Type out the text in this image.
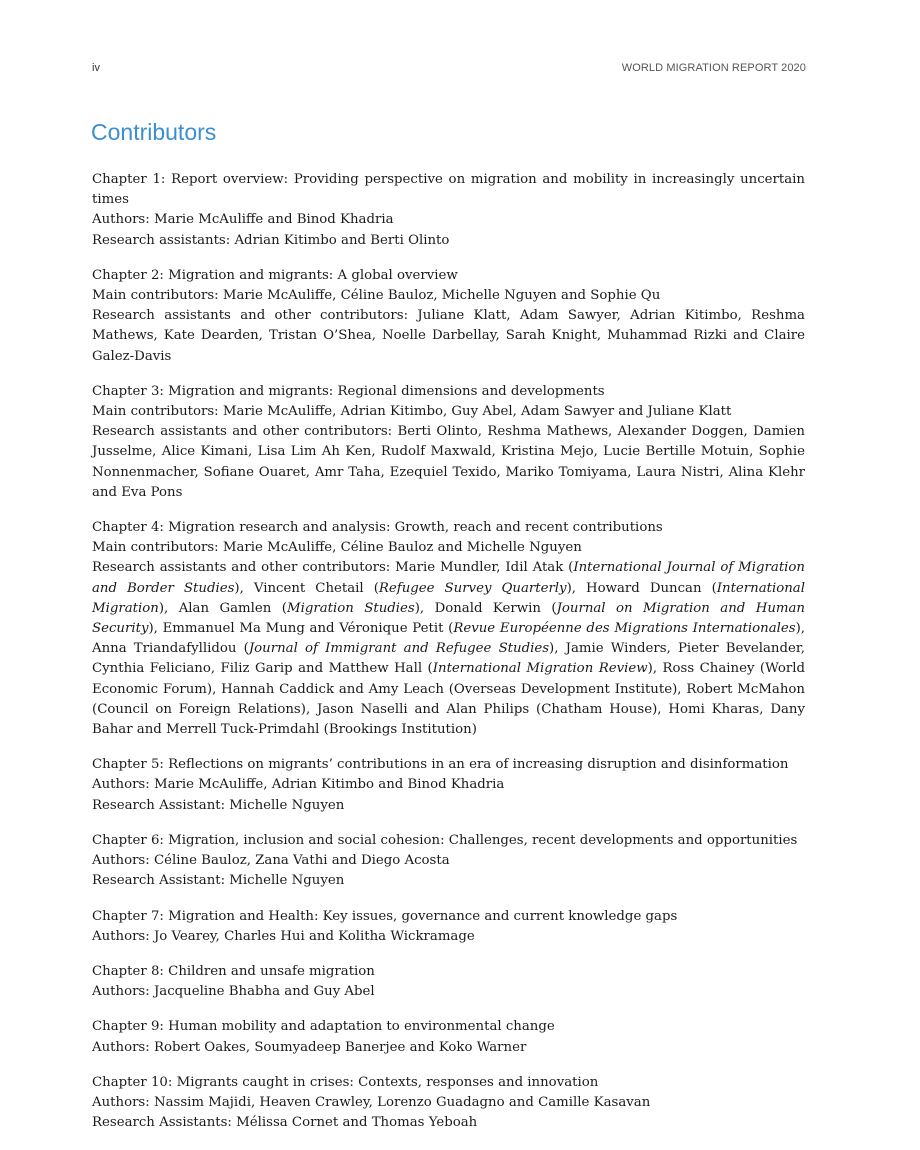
iv	WORLD MIGRATION REPORT 2020
Contributors

Chapter 1: Report overview: Providing perspective on migration and mobility in increasingly uncertain times

Authors: Marie McAuliffe and Binod Khadria

Research assistants: Adrian Kitimbo and Berti Olinto

Chapter 2: Migration and migrants: A global overview

Main contributors: Marie McAuliffe, Céline Bauloz, Michelle Nguyen and Sophie Qu

Research assistants and other contributors: Juliane Klatt, Adam Sawyer, Adrian Kitimbo, Reshma Mathews, Kate Dearden, Tristan O’Shea, Noelle Darbellay, Sarah Knight, Muhammad Rizki and Claire Galez-Davis

Chapter 3: Migration and migrants: Regional dimensions and developments

Main contributors: Marie McAuliffe, Adrian Kitimbo, Guy Abel, Adam Sawyer and Juliane Klatt

Research assistants and other contributors: Berti Olinto, Reshma Mathews, Alexander Doggen, Damien Jusselme, Alice Kimani, Lisa Lim Ah Ken, Rudolf Maxwald, Kristina Mejo, Lucie Bertille Motuin, Sophie Nonnenmacher, Sofiane Ouaret, Amr Taha, Ezequiel Texido, Mariko Tomiyama, Laura Nistri, Alina Klehr and Eva Pons

Chapter 4: Migration research and analysis: Growth, reach and recent contributions

Main contributors: Marie McAuliffe, Céline Bauloz and Michelle Nguyen

Research assistants and other contributors: Marie Mundler, Idil Atak (International Journal of Migration and Border Studies), Vincent Chetail (Refugee Survey Quarterly), Howard Duncan (International Migration), Alan Gamlen (Migration Studies), Donald Kerwin (Journal on Migration and Human Security), Emmanuel Ma Mung and Véronique Petit (Revue Européenne des Migrations Internationales), Anna Triandafyllidou (Journal of Immigrant and Refugee Studies), Jamie Winders, Pieter Bevelander, Cynthia Feliciano, Filiz Garip and Matthew Hall (International Migration Review), Ross Chainey (World Economic Forum), Hannah Caddick and Amy Leach (Overseas Development Institute), Robert McMahon (Council on Foreign Relations), Jason Naselli and Alan Philips (Chatham House), Homi Kharas, Dany Bahar and Merrell Tuck-Primdahl (Brookings Institution)

Chapter 5: Reflections on migrants’ contributions in an era of increasing disruption and disinformation

Authors: Marie McAuliffe, Adrian Kitimbo and Binod Khadria

Research Assistant: Michelle Nguyen

Chapter 6: Migration, inclusion and social cohesion: Challenges, recent developments and opportunities

Authors: Céline Bauloz, Zana Vathi and Diego Acosta

Research Assistant: Michelle Nguyen

Chapter 7: Migration and Health: Key issues, governance and current knowledge gaps

Authors: Jo Vearey, Charles Hui and Kolitha Wickramage

Chapter 8: Children and unsafe migration

Authors: Jacqueline Bhabha and Guy Abel

Chapter 9: Human mobility and adaptation to environmental change

Authors: Robert Oakes, Soumyadeep Banerjee and Koko Warner

Chapter 10: Migrants caught in crises: Contexts, responses and innovation

Authors: Nassim Majidi, Heaven Crawley, Lorenzo Guadagno and Camille Kasavan

Research Assistants: Mélissa Cornet and Thomas Yeboah
